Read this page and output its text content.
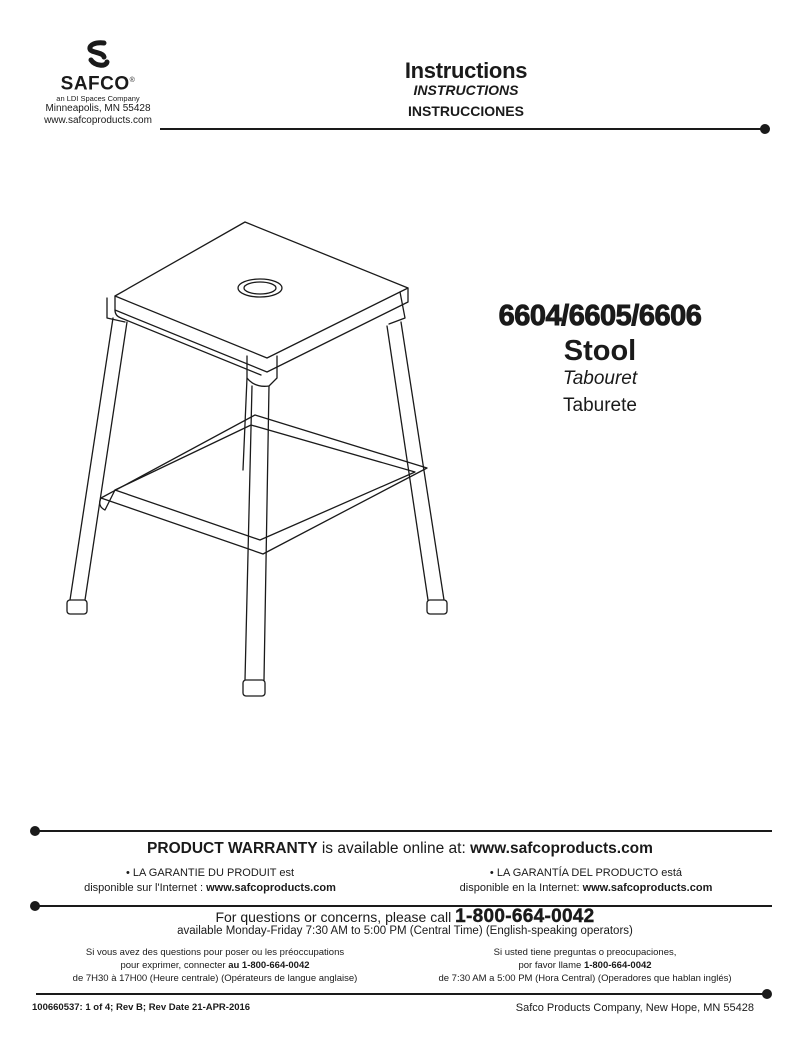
SAFCO®
an LDI Spaces Company
Minneapolis, MN 55428
www.safcoproducts.com
Instructions
INSTRUCTIONS
INSTRUCCIONES
6604/6605/6606
Stool
Tabouret
Taburete
PRODUCT WARRANTY is available online at: www.safcoproducts.com
• LA GARANTIE DU PRODUIT est
disponible sur l'Internet : www.safcoproducts.com
• LA GARANTÍA DEL PRODUCTO está
disponible en la Internet: www.safcoproducts.com
For questions or concerns, please call 1-800-664-0042
available Monday-Friday 7:30 AM to 5:00 PM (Central Time) (English-speaking operators)
Si vous avez des questions pour poser ou les préoccupations
pour exprimer, connecter au 1-800-664-0042
de 7H30 à 17H00 (Heure centrale) (Opérateurs de langue anglaise)
Si usted tiene preguntas o preocupaciones,
por favor llame 1-800-664-0042
de 7:30 AM a 5:00 PM (Hora Central) (Operadores que hablan inglés)
100660537: 1 of 4; Rev B; Rev Date 21-APR-2016	Safco Products Company, New Hope, MN 55428
